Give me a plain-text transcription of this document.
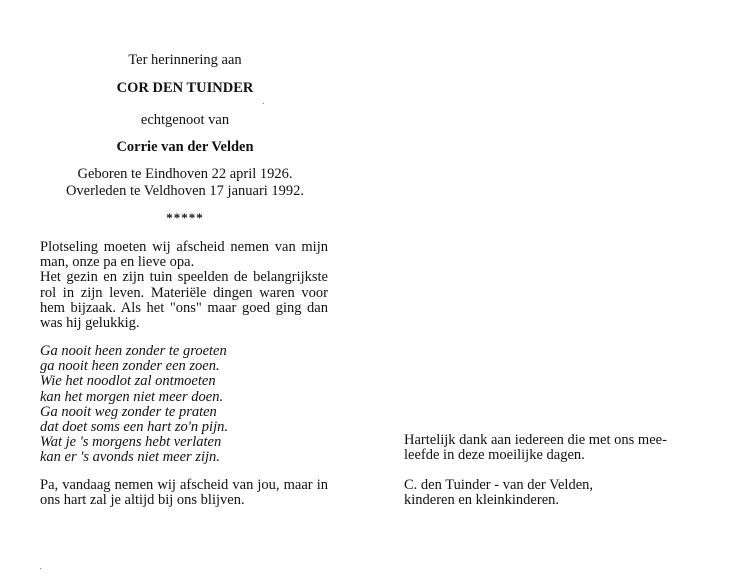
Ter herinnering aan
COR DEN TUINDER
echtgenoot van
Corrie van der Velden
Geboren te Eindhoven 22 april 1926.
Overleden te Veldhoven 17 januari 1992.
*****

Plotseling moeten wij afscheid nemen van mijn man, onze pa en lieve opa.

Het gezin en zijn tuin speelden de belangrijkste rol in zijn leven. Materiële dingen waren voor hem bijzaak. Als het "ons" maar goed ging dan was hij gelukkig.

Ga nooit heen zonder te groeten
ga nooit heen zonder een zoen.
Wie het noodlot zal ontmoeten
kan het morgen niet meer doen.
Ga nooit weg zonder te praten
dat doet soms een hart zo'n pijn.
Wat je 's morgens hebt verlaten
kan er 's avonds niet meer zijn.
Pa, vandaag nemen wij afscheid van jou, maar in ons hart zal je altijd bij ons blijven.
Hartelijk dank aan iedereen die met ons mee-
leefde in deze moeilijke dagen.
C. den Tuinder - van der Velden,
kinderen en kleinkinderen.
